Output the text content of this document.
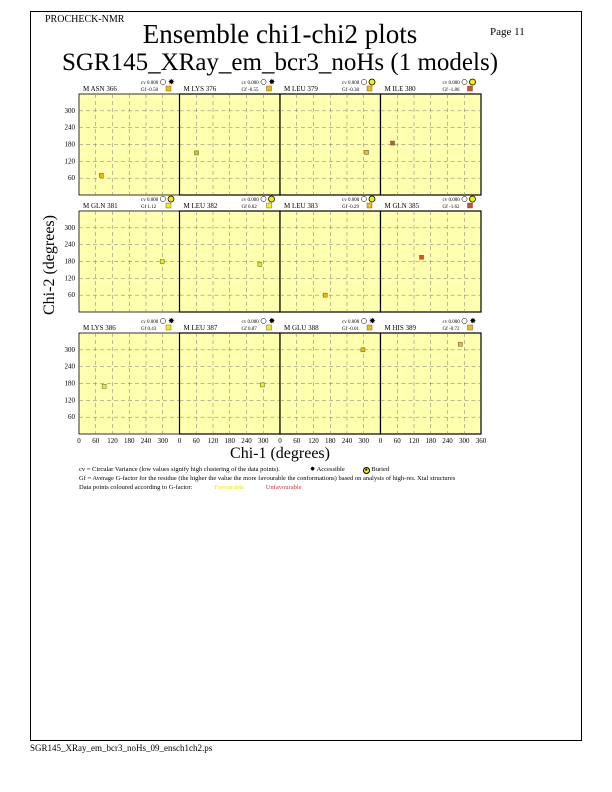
PROCHECK-NMR
Page 11
Ensemble chi1-chi2 plots
SGR145_XRay_em_bcr3_noHs (1 models)
M ASN 366
cv 0.000 ✸
Gf -0.58
60
120
180
240
300
M LYS 376
cv 0.000 ✸
Gf -0.55	M LEU 379
cv 0.000
Gf -0.38	M ILE 380
cv 0.000
Gf -1.86
M GLN 381
cv 0.000
Gf 1.12
60
120
180
240
300
M LEU 382
cv 0.000
Gf 0.62	M LEU 383
cv 0.000
Gf -0.29	M GLN 385
cv 0.000
Gf -1.62
M LYS 386
cv 0.000 ✸
Gf 0.43
60
120
180
240
300
0 60 120 180 240 300
M LEU 387
cv 0.000 ✸
Gf 0.87
0 60 120 180 240 300
M GLU 388
cv 0.000 ✸
Gf -0.01
0 60 120 180 240 300
M HIS 389
cv 0.000 ✸
Gf -0.72
0 60 120 180 240 300 360
Chi-1 (degrees)
Chi-2 (degrees)
cv = Circular Variance (low values signify high clustering of the data points).	✸ Accessible	● Buried
Gf = Average G-factor for the residue (the higher the value the more favourable the conformations) based on analysis of high-res. Xtal structures
Data points coloured according to G-factor:	Favourable	Unfavourable
SGR145_XRay_em_bcr3_noHs_09_ensch1ch2.ps
